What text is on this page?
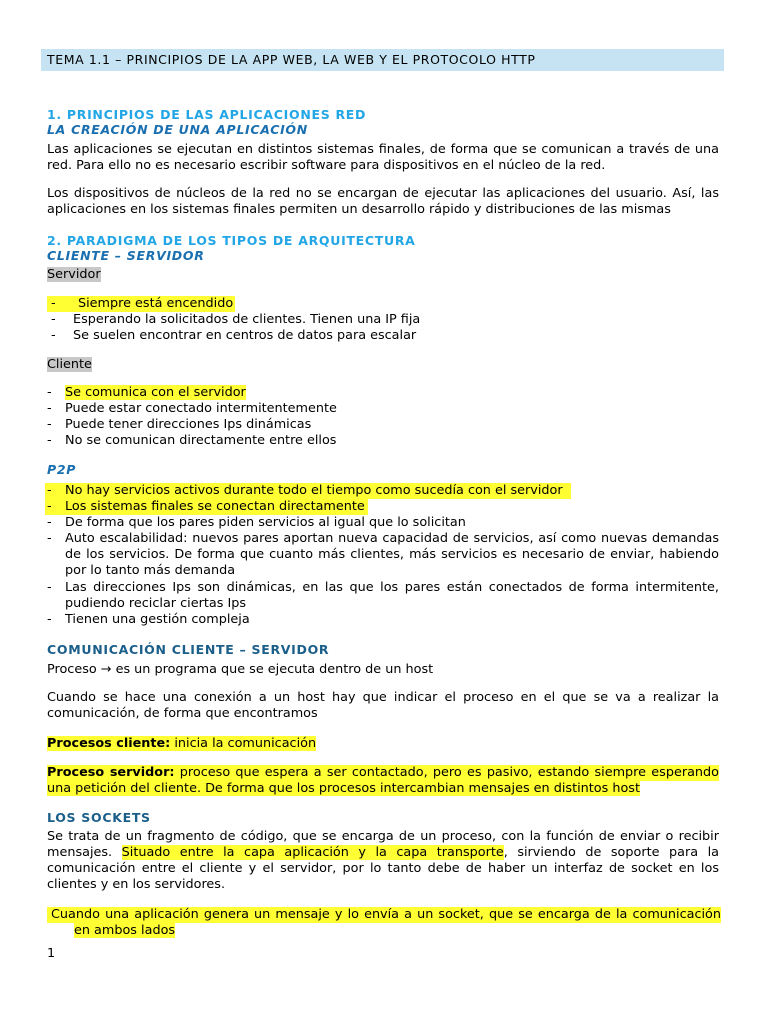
TEMA 1.1 – PRINCIPIOS DE LA APP WEB, LA WEB Y EL PROTOCOLO HTTP
1. PRINCIPIOS DE LAS APLICACIONES RED
LA CREACIÓN DE UNA APLICACIÓN
Las aplicaciones se ejecutan en distintos sistemas finales, de forma que se comunican a través de una
red. Para ello no es necesario escribir software para dispositivos en el núcleo de la red.
Los dispositivos de núcleos de la red no se encargan de ejecutar las aplicaciones del usuario. Así, las
aplicaciones en los sistemas finales permiten un desarrollo rápido y distribuciones de las mismas
2. PARADIGMA DE LOS TIPOS DE ARQUITECTURA
CLIENTE – SERVIDOR
Servidor
- Siempre está encendido
- Esperando la solicitados de clientes. Tienen una IP fija
- Se suelen encontrar en centros de datos para escalar
Cliente
- Se comunica con el servidor
- Puede estar conectado intermitentemente
- Puede tener direcciones Ips dinámicas
- No se comunican directamente entre ellos
P2P
- No hay servicios activos durante todo el tiempo como sucedía con el servidor
- Los sistemas finales se conectan directamente
- De forma que los pares piden servicios al igual que lo solicitan
- Auto escalabilidad: nuevos pares aportan nueva capacidad de servicios, así como nuevas demandas
de los servicios. De forma que cuanto más clientes, más servicios es necesario de enviar, habiendo
por lo tanto más demanda
- Las direcciones Ips son dinámicas, en las que los pares están conectados de forma intermitente,
pudiendo reciclar ciertas Ips
- Tienen una gestión compleja
COMUNICACIÓN CLIENTE – SERVIDOR
Proceso → es un programa que se ejecuta dentro de un host
Cuando se hace una conexión a un host hay que indicar el proceso en el que se va a realizar la
comunicación, de forma que encontramos
Procesos cliente: inicia la comunicación
Proceso servidor: proceso que espera a ser contactado, pero es pasivo, estando siempre esperando
una petición del cliente. De forma que los procesos intercambian mensajes en distintos host
LOS SOCKETS
Se trata de un fragmento de código, que se encarga de un proceso, con la función de enviar o recibir
mensajes. Situado entre la capa aplicación y la capa transporte, sirviendo de soporte para la
comunicación entre el cliente y el servidor, por lo tanto debe de haber un interfaz de socket en los
clientes y en los servidores.
Cuando una aplicación genera un mensaje y lo envía a un socket, que se encarga de la comunicación
en ambos lados
1
